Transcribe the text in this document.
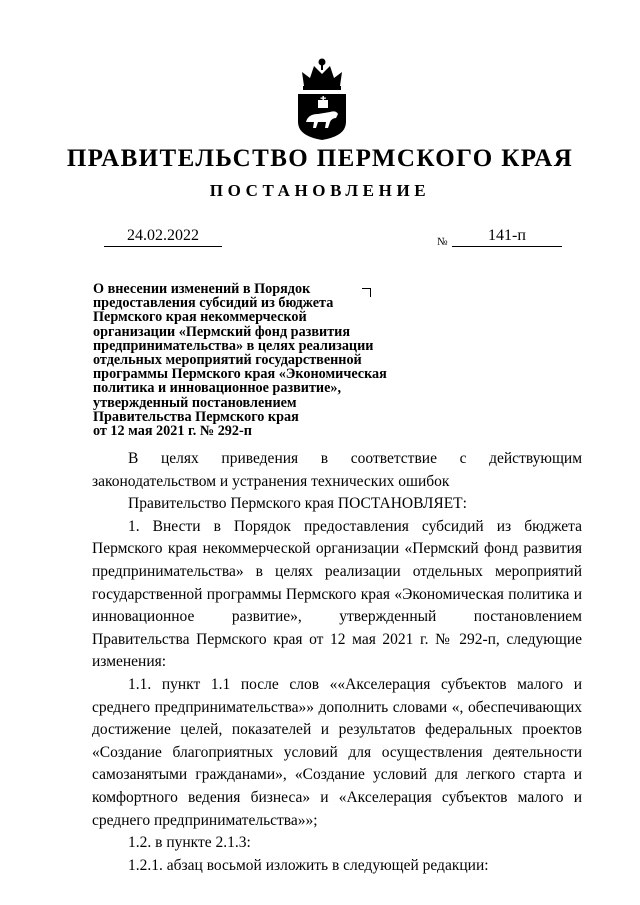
ПРАВИТЕЛЬСТВО ПЕРМСКОГО КРАЯ
ПОСТАНОВЛЕНИЕ
24.02.2022	№	141-п
О внесении изменений в Порядок
предоставления субсидий из бюджета
Пермского края некоммерческой
организации «Пермский фонд развития
предпринимательства» в целях реализации
отдельных мероприятий государственной
программы Пермского края «Экономическая
политика и инновационное развитие»,
утвержденный постановлением
Правительства Пермского края
от 12 мая 2021 г. № 292-п

В целях приведения в соответствие с действующим законодательством и устранения технических ошибок

Правительство Пермского края ПОСТАНОВЛЯЕТ:

1. Внести в Порядок предоставления субсидий из бюджета Пермского края некоммерческой организации «Пермский фонд развития предпринимательства» в целях реализации отдельных мероприятий государственной программы Пермского края «Экономическая политика и инновационное развитие», утвержденный постановлением Правительства Пермского края от 12 мая 2021 г. № 292-п, следующие изменения:

1.1. пункт 1.1 после слов ««Акселерация субъектов малого и среднего предпринимательства»» дополнить словами «, обеспечивающих достижение целей, показателей и результатов федеральных проектов «Создание благоприятных условий для осуществления деятельности самозанятыми гражданами», «Создание условий для легкого старта и комфортного ведения бизнеса» и «Акселерация субъектов малого и среднего предпринимательства»»;

1.2. в пункте 2.1.3:

1.2.1. абзац восьмой изложить в следующей редакции:
